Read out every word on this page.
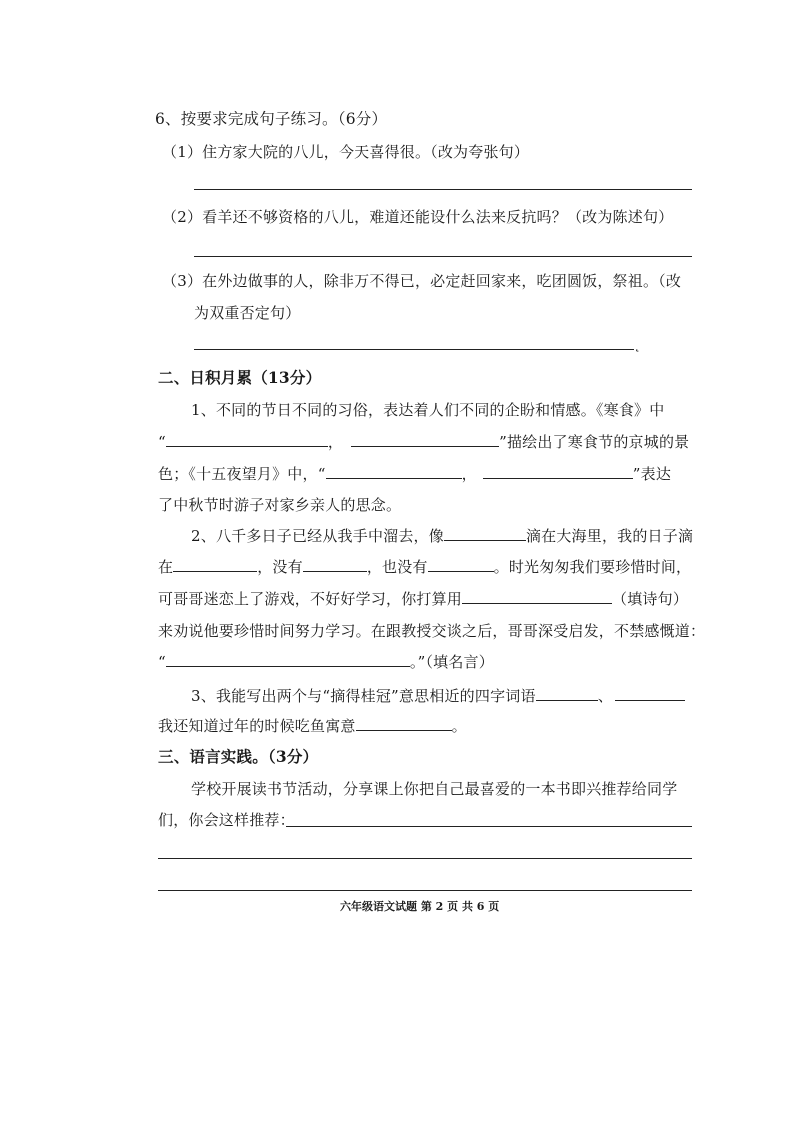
6、按要求完成句子练习。（6分）
（1）住方家大院的八儿，今天喜得很。（改为夸张句）
（2）看羊还不够资格的八儿，难道还能设什么法来反抗吗？（改为陈述句）
（3）在外边做事的人，除非万不得已，必定赶回家来，吃团圆饭，祭祖。（改
为双重否定句）
˛
二、日积月累（13分）
1、不同的节日不同的习俗，表达着人们不同的企盼和情感。《寒食》中
“	，	”描绘出了寒食节的京城的景
色；《十五夜望月》中，“	，	”表达
了中秋节时游子对家乡亲人的思念。
2、八千多日子已经从我手中溜去，像	滴在大海里，我的日子滴
在	，没有	，也没有	。时光匆匆我们要珍惜时间，
可哥哥迷恋上了游戏，不好好学习，你打算用	（填诗句）
来劝说他要珍惜时间努力学习。在跟教授交谈之后，哥哥深受启发，不禁感慨道：
“	。”（填名言）
3、我能写出两个与“摘得桂冠”意思相近的四字词语	、
我还知道过年的时候吃鱼寓意	。
三、语言实践。（3分）
学校开展读书节活动，分享课上你把自己最喜爱的一本书即兴推荐给同学
们，你会这样推荐：
六年级语文试题 第 2 页 共 6 页
